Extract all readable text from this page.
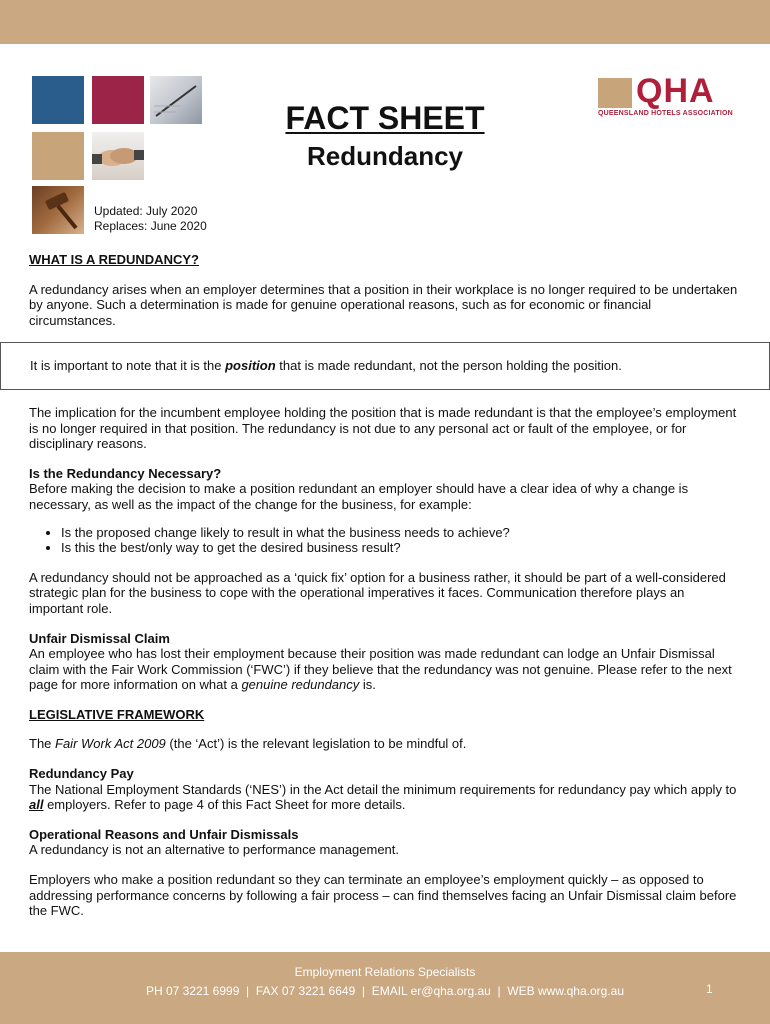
QHA
QUEENSLAND HOTELS ASSOCIATION
FACT SHEET
Redundancy
Updated: July 2020
Replaces: June 2020
WHAT IS A REDUNDANCY?

A redundancy arises when an employer determines that a position in their workplace is no longer required to be undertaken by anyone. Such a determination is made for genuine operational reasons, such as for economic or financial circumstances.

It is important to note that it is the position that is made redundant, not the person holding the position.

The implication for the incumbent employee holding the position that is made redundant is that the employee’s employment is no longer required in that position. The redundancy is not due to any personal act or fault of the employee, or for disciplinary reasons.

Is the Redundancy Necessary?

Before making the decision to make a position redundant an employer should have a clear idea of why a change is necessary, as well as the impact of the change for the business, for example:

• Is the proposed change likely to result in what the business needs to achieve?
• Is this the best/only way to get the desired business result?

A redundancy should not be approached as a ‘quick fix’ option for a business rather, it should be part of a well-considered strategic plan for the business to cope with the operational imperatives it faces. Communication therefore plays an important role.

Unfair Dismissal Claim

An employee who has lost their employment because their position was made redundant can lodge an Unfair Dismissal claim with the Fair Work Commission (‘FWC’) if they believe that the redundancy was not genuine. Please refer to the next page for more information on what a genuine redundancy is.

LEGISLATIVE FRAMEWORK

The Fair Work Act 2009 (the ‘Act’) is the relevant legislation to be mindful of.

Redundancy Pay

The National Employment Standards (‘NES’) in the Act detail the minimum requirements for redundancy pay which apply to all employers. Refer to page 4 of this Fact Sheet for more details.

Operational Reasons and Unfair Dismissals

A redundancy is not an alternative to performance management.

Employers who make a position redundant so they can terminate an employee’s employment quickly – as opposed to addressing performance concerns by following a fair process – can find themselves facing an Unfair Dismissal claim before the FWC.

Employment Relations Specialists
PH 07 3221 6999  |  FAX 07 3221 6649  |  EMAIL er@qha.org.au  |  WEB www.qha.org.au	1
